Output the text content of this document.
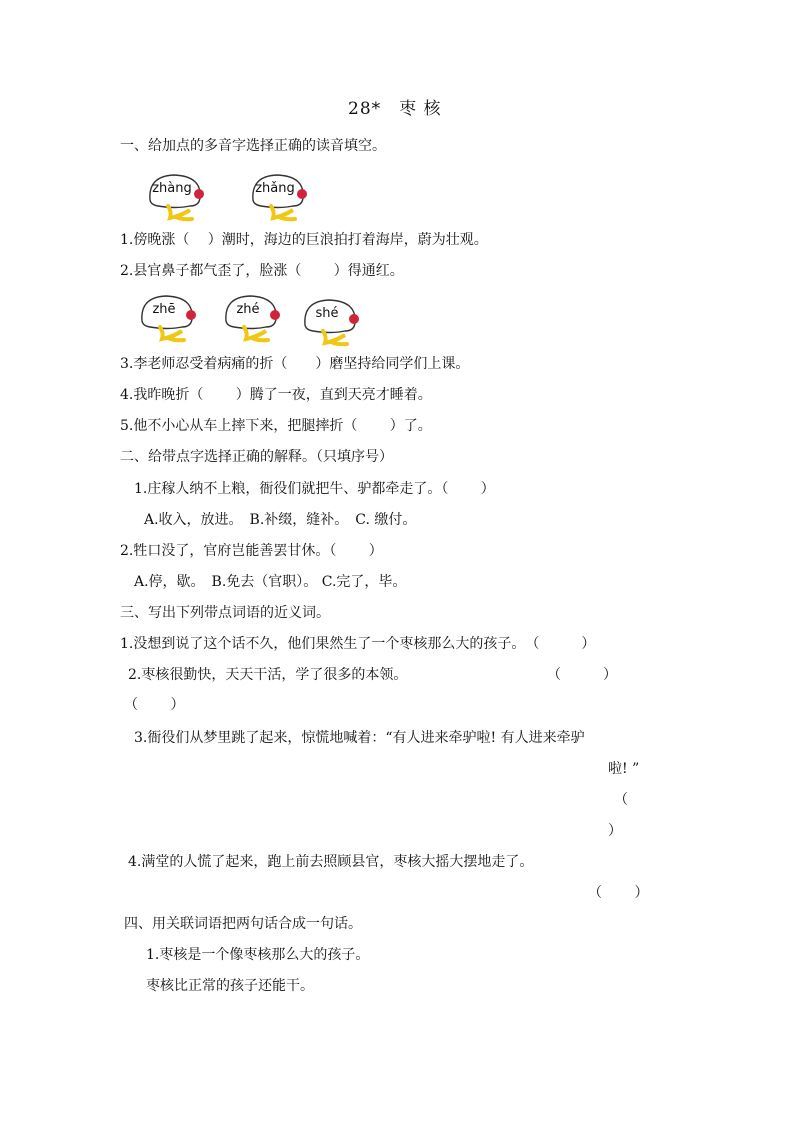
28*　枣 核
一、给加点的多音字选择正确的读音填空。
zhàng	zhǎng
1.傍晚涨（　 ）潮时，海边的巨浪拍打着海岸，蔚为壮观。
2.县官鼻子都气歪了，脸涨（　　 ）得通红。
zhē	zhé	shé
3.李老师忍受着病痛的折（　　）磨坚持给同学们上课。
4.我昨晚折（　　 ）腾了一夜，直到天亮才睡着。
5.他不小心从车上摔下来，把腿摔折（　　 ）了。
二、给带点字选择正确的解释。（只填序号）
1.庄稼人纳不上粮，衙役们就把牛、驴都牵走了。（　　 ）
A.收入，放进。　B.补缀，缝补。　C. 缴付。
2.牲口没了，官府岂能善罢甘休。（　　 ）
A.停，歇。　B.免去（官职）。 C.完了，毕。
三、写出下列带点词语的近义词。
1.没想到说了这个话不久，他们果然生了一个枣核那么大的孩子。　（　　　）
2.枣核很勤快，天天干活，学了很多的本领。	（　　　）
（　　 ）
3.衙役们从梦里跳了起来，惊慌地喊着：“有人进来牵驴啦! 有人进来牵驴
啦! ”
（
）
4.满堂的人慌了起来，跑上前去照顾县官，枣核大摇大摆地走了。
（　　 ）
四、用关联词语把两句话合成一句话。
1.枣核是一个像枣核那么大的孩子。
枣核比正常的孩子还能干。
